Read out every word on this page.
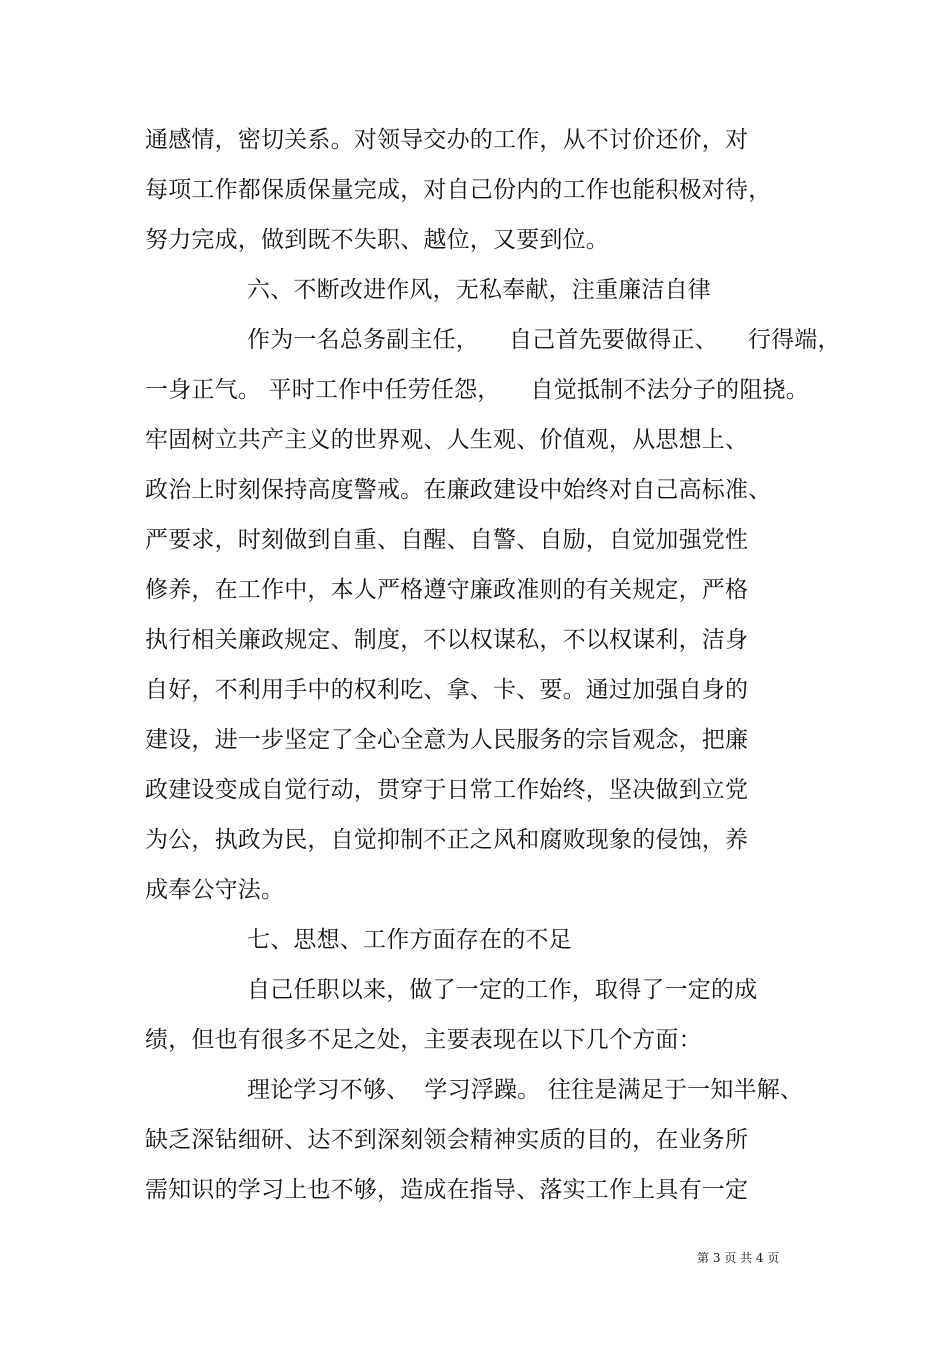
通感情，密切关系。对领导交办的工作，从不讨价还价，对
每项工作都保质保量完成，对自己份内的工作也能积极对待，
努力完成，做到既不失职、越位，又要到位。
六、不断改进作风，无私奉献，注重廉洁自律
作为一名总务副主任，    自己首先要做得正、    行得端，
一身正气。 平时工作中任劳任怨，    自觉抵制不法分子的阻挠。
牢固树立共产主义的世界观、人生观、价值观，从思想上、
政治上时刻保持高度警戒。在廉政建设中始终对自己高标准、
严要求，时刻做到自重、自醒、自警、自励，自觉加强党性
修养，在工作中，本人严格遵守廉政准则的有关规定，严格
执行相关廉政规定、制度，不以权谋私，不以权谋利，洁身
自好，不利用手中的权利吃、拿、卡、要。通过加强自身的
建设，进一步坚定了全心全意为人民服务的宗旨观念，把廉
政建设变成自觉行动，贯穿于日常工作始终，坚决做到立党
为公，执政为民，自觉抑制不正之风和腐败现象的侵蚀，养
成奉公守法。
七、思想、工作方面存在的不足
自己任职以来，做了一定的工作，取得了一定的成
绩，但也有很多不足之处，主要表现在以下几个方面：
理论学习不够、  学习浮躁。 往往是满足于一知半解、
缺乏深钻细研、达不到深刻领会精神实质的目的，在业务所
需知识的学习上也不够，造成在指导、落实工作上具有一定
第 3 页 共 4 页
